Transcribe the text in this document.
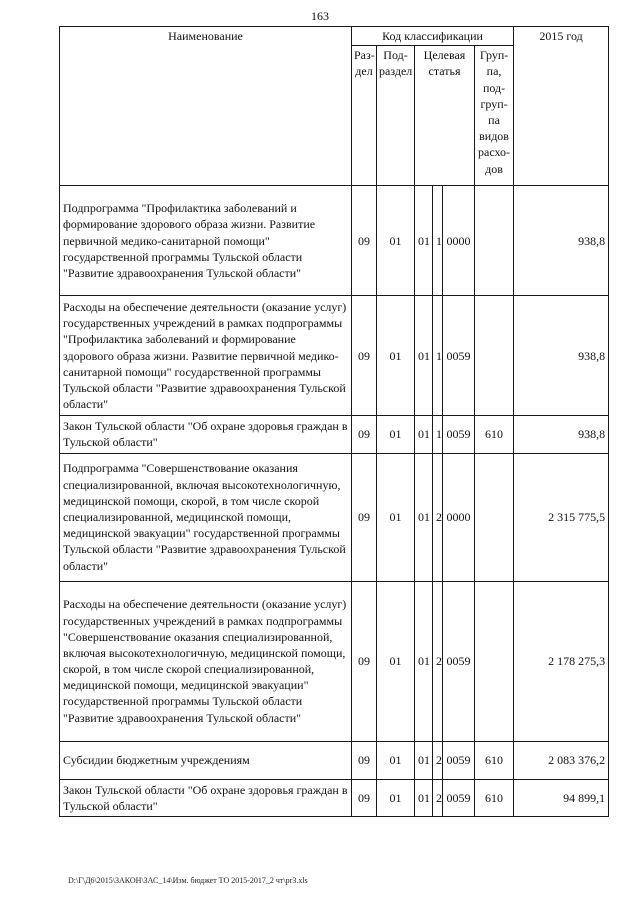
163
Наименование	Код классификации						2015 год
	Раз-дел	Под-раздел	Целевая статья			Груп-па, под-груп-па видов расхо-дов	
Подпрограмма "Профилактика заболеваний и формирование здорового образа жизни. Развитие первичной медико-санитарной помощи" государственной программы Тульской области "Развитие здравоохранения Тульской области"	09	01	01	1	0000		938,8
Расходы на обеспечение деятельности (оказание услуг) государственных учреждений в рамках подпрограммы "Профилактика заболеваний и формирование здорового образа жизни. Развитие первичной медико-санитарной помощи" государственной программы Тульской области "Развитие здравоохранения Тульской области"	09	01	01	1	0059		938,8
Закон Тульской области "Об охране здоровья граждан в Тульской области"	09	01	01	1	0059	610	938,8
Подпрограмма "Совершенствование оказания специализированной, включая высокотехнологичную, медицинской помощи, скорой, в том числе скорой специализированной, медицинской помощи, медицинской эвакуации" государственной программы Тульской области "Развитие здравоохранения Тульской области"	09	01	01	2	0000		2 315 775,5
Расходы на обеспечение деятельности (оказание услуг) государственных учреждений в рамках подпрограммы "Совершенствование оказания специализированной, включая высокотехнологичную, медицинской помощи, скорой, в том числе скорой специализированной, медицинской помощи, медицинской эвакуации" государственной программы Тульской области "Развитие здравоохранения Тульской области"	09	01	01	2	0059		2 178 275,3
Субсидии бюджетным учреждениям	09	01	01	2	0059	610	2 083 376,2
Закон Тульской области "Об охране здоровья граждан в Тульской области"	09	01	01	2	0059	610	94 899,1
D:\Г\Д6\2015\ЗАКОН\ЗАС_14\Изм. бюджет ТО 2015-2017_2 чт\pr3.xls
